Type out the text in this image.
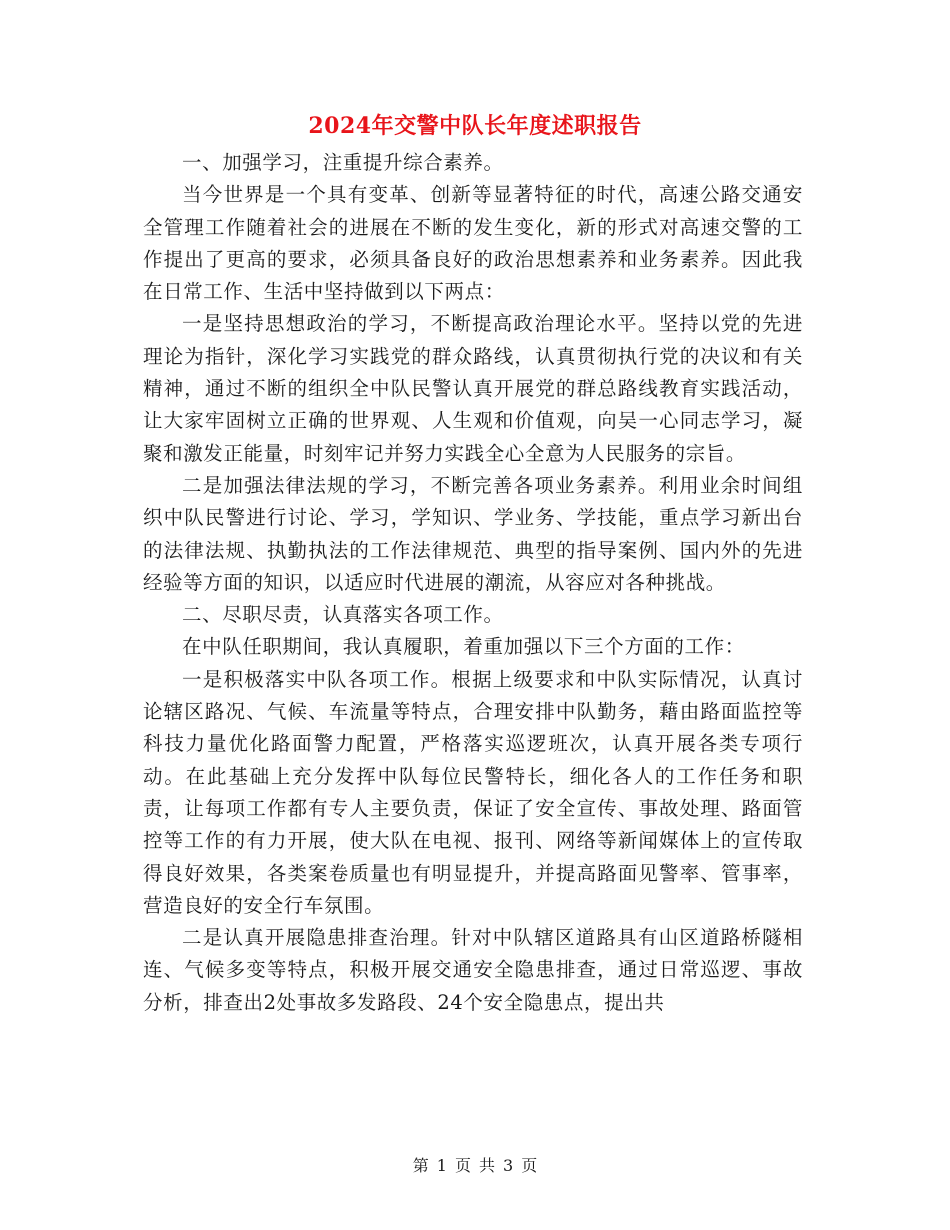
2024年交警中队长年度述职报告

一、加强学习，注重提升综合素养。

当今世界是一个具有变革、创新等显著特征的时代，高速公路交通安全管理工作随着社会的进展在不断的发生变化，新的形式对高速交警的工作提出了更高的要求，必须具备良好的政治思想素养和业务素养。因此我在日常工作、生活中坚持做到以下两点：

一是坚持思想政治的学习，不断提高政治理论水平。坚持以党的先进理论为指针，深化学习实践党的群众路线，认真贯彻执行党的决议和有关精神，通过不断的组织全中队民警认真开展党的群总路线教育实践活动，让大家牢固树立正确的世界观、人生观和价值观，向吴一心同志学习，凝聚和激发正能量，时刻牢记并努力实践全心全意为人民服务的宗旨。

二是加强法律法规的学习，不断完善各项业务素养。利用业余时间组织中队民警进行讨论、学习，学知识、学业务、学技能，重点学习新出台的法律法规、执勤执法的工作法律规范、典型的指导案例、国内外的先进经验等方面的知识，以适应时代进展的潮流，从容应对各种挑战。

二、尽职尽责，认真落实各项工作。

在中队任职期间，我认真履职，着重加强以下三个方面的工作：

一是积极落实中队各项工作。根据上级要求和中队实际情况，认真讨论辖区路况、气候、车流量等特点，合理安排中队勤务，藉由路面监控等科技力量优化路面警力配置，严格落实巡逻班次，认真开展各类专项行动。在此基础上充分发挥中队每位民警特长，细化各人的工作任务和职责，让每项工作都有专人主要负责，保证了安全宣传、事故处理、路面管控等工作的有力开展，使大队在电视、报刊、网络等新闻媒体上的宣传取得良好效果，各类案卷质量也有明显提升，并提高路面见警率、管事率，营造良好的安全行车氛围。

二是认真开展隐患排查治理。针对中队辖区道路具有山区道路桥隧相连、气候多变等特点，积极开展交通安全隐患排查，通过日常巡逻、事故分析，排查出2处事故多发路段、24个安全隐患点，提出共

第 1 页 共 3 页
